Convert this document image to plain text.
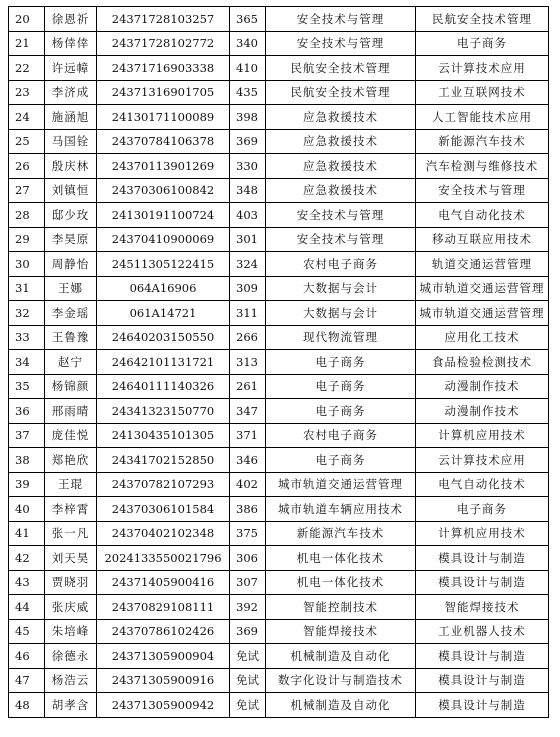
20	徐恩祈	24371728103257	365	安全技术与管理	民航安全技术管理
21	杨倖倖	24371728102772	340	安全技术与管理	电子商务
22	许远幛	24371716903338	410	民航安全技术管理	云计算技术应用
23	李济成	24371316901705	435	民航安全技术管理	工业互联网技术
24	施涵旭	24130171100089	398	应急救援技术	人工智能技术应用
25	马国铨	24370784106378	369	应急救援技术	新能源汽车技术
26	殷庆林	24370113901269	330	应急救援技术	汽车检测与维修技术
27	刘镇恒	24370306100842	348	应急救援技术	安全技术与管理
28	邸少玫	24130191100724	403	安全技术与管理	电气自动化技术
29	李昊原	24370410900069	301	安全技术与管理	移动互联应用技术
30	周静怡	24511305122415	324	农村电子商务	轨道交通运营管理
31	王娜	064A16906	309	大数据与会计	城市轨道交通运营管理
32	李金瑶	061A14721	311	大数据与会计	城市轨道交通运营管理
33	王鲁豫	24640203150550	266	现代物流管理	应用化工技术
34	赵宁	24642101131721	313	电子商务	食品检验检测技术
35	杨锦颜	24640111140326	261	电子商务	动漫制作技术
36	邢雨晴	24341323150770	347	电子商务	动漫制作技术
37	庞佳悦	24130435101305	371	农村电子商务	计算机应用技术
38	郑艳欣	24341702152850	346	电子商务	云计算技术应用
39	王琨	24370782107293	402	城市轨道交通运营管理	电气自动化技术
40	李梓霄	24370306101584	386	城市轨道车辆应用技术	电子商务
41	张一凡	24370402102348	375	新能源汽车技术	计算机应用技术
42	刘天昊	2024133550021796	306	机电一体化技术	模具设计与制造
43	贾晓羽	24371405900416	307	机电一体化技术	模具设计与制造
44	张庆威	24370829108111	392	智能控制技术	智能焊接技术
45	朱培峰	24370786102426	369	智能焊接技术	工业机器人技术
46	徐德永	24371305900904	免试	机械制造及自动化	模具设计与制造
47	杨浩云	24371305900916	免试	数字化设计与制造技术	模具设计与制造
48	胡孝含	24371305900942	免试	机械制造及自动化	模具设计与制造
